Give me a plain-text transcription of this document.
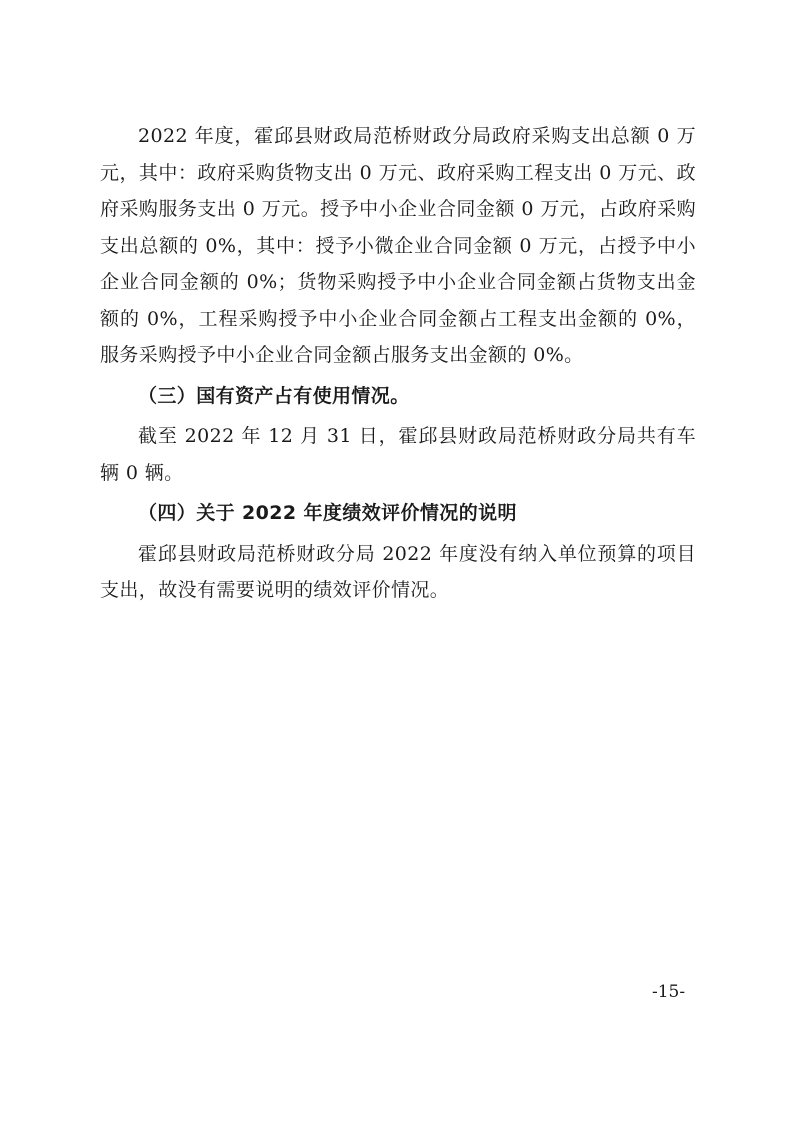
2022 年度，霍邱县财政局范桥财政分局政府采购支出总额 0 万元，其中：政府采购货物支出 0 万元、政府采购工程支出 0 万元、政府采购服务支出 0 万元。授予中小企业合同金额 0 万元，占政府采购支出总额的 0%，其中：授予小微企业合同金额 0 万元，占授予中小企业合同金额的 0%；货物采购授予中小企业合同金额占货物支出金额的 0%，工程采购授予中小企业合同金额占工程支出金额的 0%，服务采购授予中小企业合同金额占服务支出金额的 0%。

（三）国有资产占有使用情况。

截至 2022 年 12 月 31 日，霍邱县财政局范桥财政分局共有车辆 0 辆。

（四）关于 2022 年度绩效评价情况的说明

霍邱县财政局范桥财政分局 2022 年度没有纳入单位预算的项目支出，故没有需要说明的绩效评价情况。

-15-
